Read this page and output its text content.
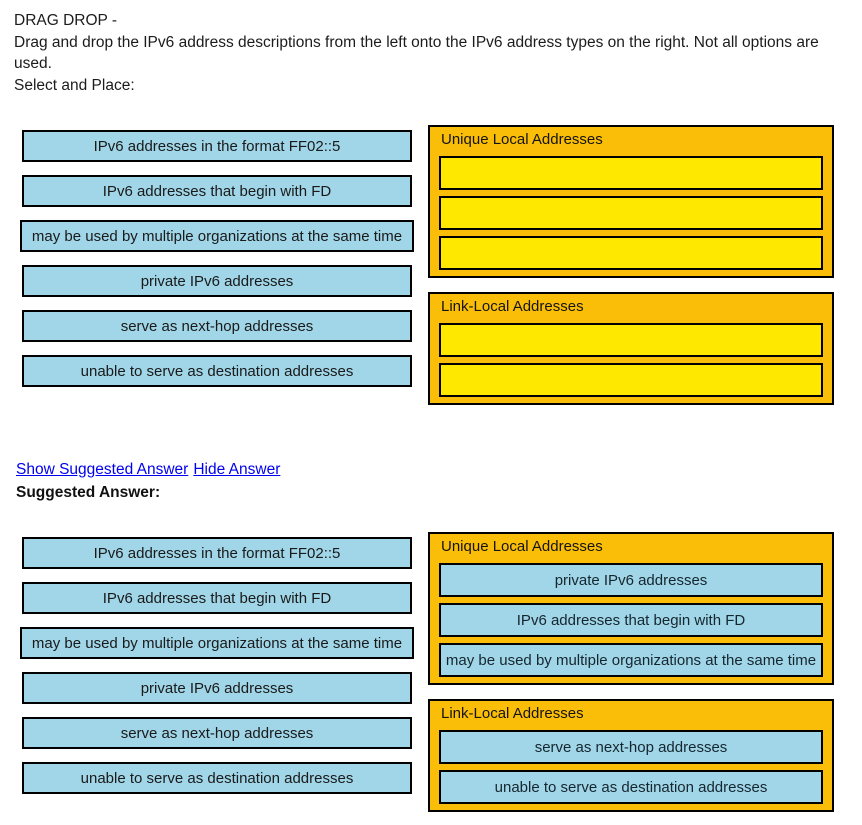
DRAG DROP -
Drag and drop the IPv6 address descriptions from the left onto the IPv6 address types on the right. Not all options are used.
Select and Place:
IPv6 addresses in the format FF02::5
IPv6 addresses that begin with FD
may be used by multiple organizations at the same time
private IPv6 addresses
serve as next-hop addresses
unable to serve as destination addresses
Unique Local Addresses
Link-Local Addresses
Show Suggested Answer Hide Answer
Suggested Answer:
IPv6 addresses in the format FF02::5
IPv6 addresses that begin with FD
may be used by multiple organizations at the same time
private IPv6 addresses
serve as next-hop addresses
unable to serve as destination addresses
Unique Local Addresses
private IPv6 addresses
IPv6 addresses that begin with FD
may be used by multiple organizations at the same time
Link-Local Addresses
serve as next-hop addresses
unable to serve as destination addresses
